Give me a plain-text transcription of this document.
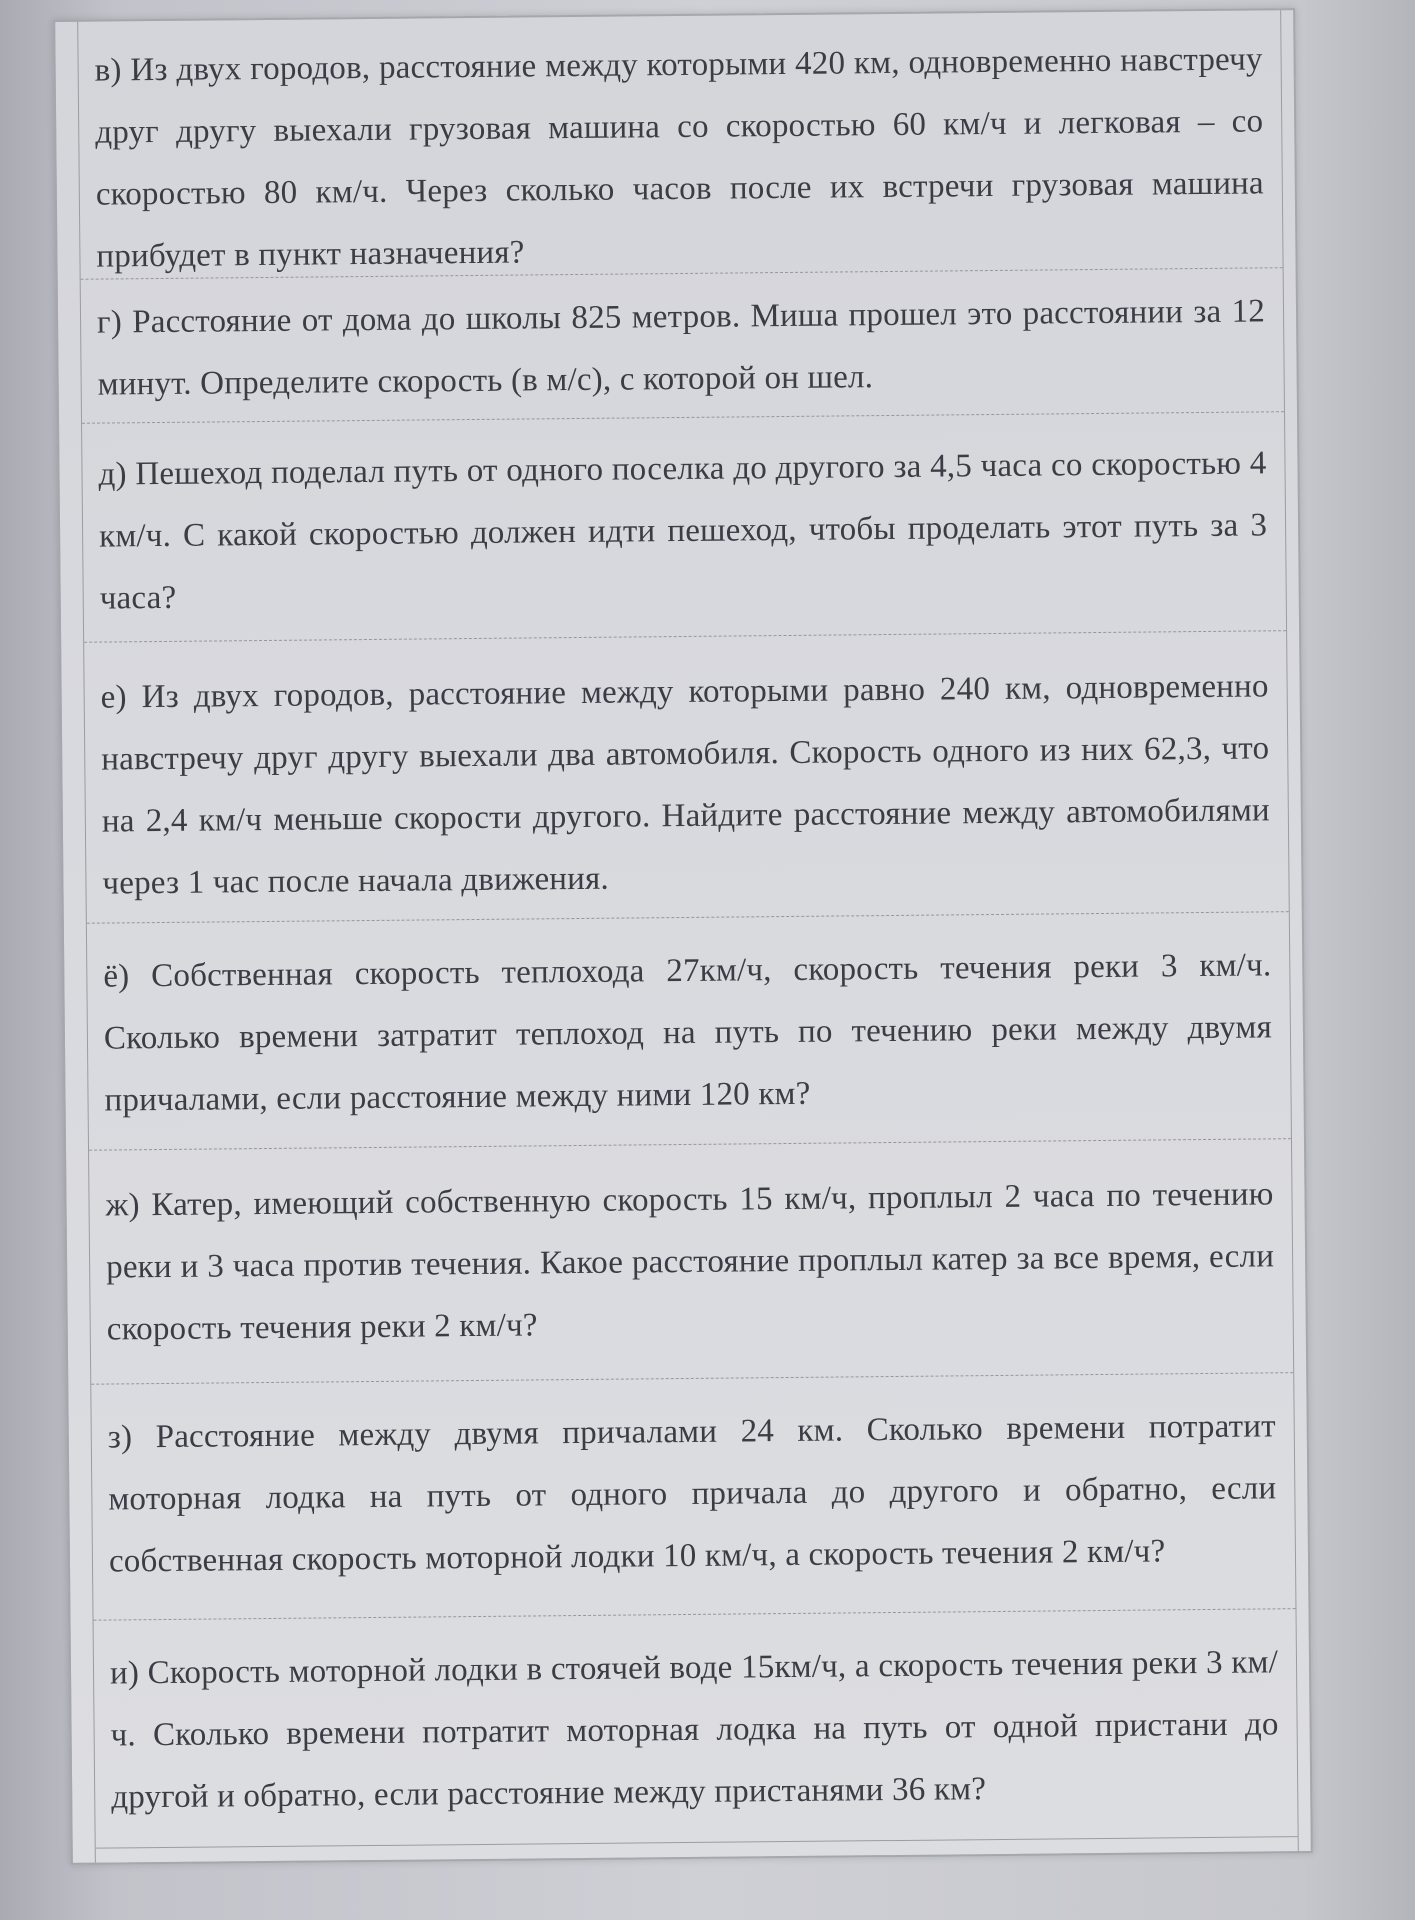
в) Из двух городов, расстояние между которыми 420 км, одновременно навстречу друг другу выехали грузовая машина со скоростью 60 км/ч и легковая – со скоростью 80 км/ч. Через сколько часов после их встречи грузовая машина прибудет в пункт назначения?

г) Расстояние от дома до школы 825 метров. Миша прошел это расстоянии за 12 минут. Определите скорость (в м/с), с которой он шел.

д) Пешеход поделал путь от одного поселка до другого за 4,5 часа со скоростью 4 км/ч. С какой скоростью должен идти пешеход, чтобы проделать этот путь за 3 часа?

е) Из двух городов, расстояние между которыми равно 240 км, одновременно навстречу друг другу выехали два автомобиля. Скорость одного из них 62,3, что на 2,4 км/ч меньше скорости другого. Найдите расстояние между автомобилями через 1 час после начала движения.

ё) Собственная скорость теплохода 27км/ч, скорость течения реки 3 км/ч. Сколько времени затратит теплоход на путь по течению реки между двумя причалами, если расстояние между ними 120 км?

ж) Катер, имеющий собственную скорость 15 км/ч, проплыл 2 часа по течению реки и 3 часа против течения. Какое расстояние проплыл катер за все время, если скорость течения реки 2 км/ч?

з) Расстояние между двумя причалами 24 км. Сколько времени потратит моторная лодка на путь от одного причала до другого и обратно, если собственная скорость моторной лодки 10 км/ч, а скорость течения 2 км/ч?

и) Скорость моторной лодки в стоячей воде 15км/ч, а скорость течения реки 3 км/ч. Сколько времени потратит моторная лодка на путь от одной пристани до другой и обратно, если расстояние между пристанями 36 км?
